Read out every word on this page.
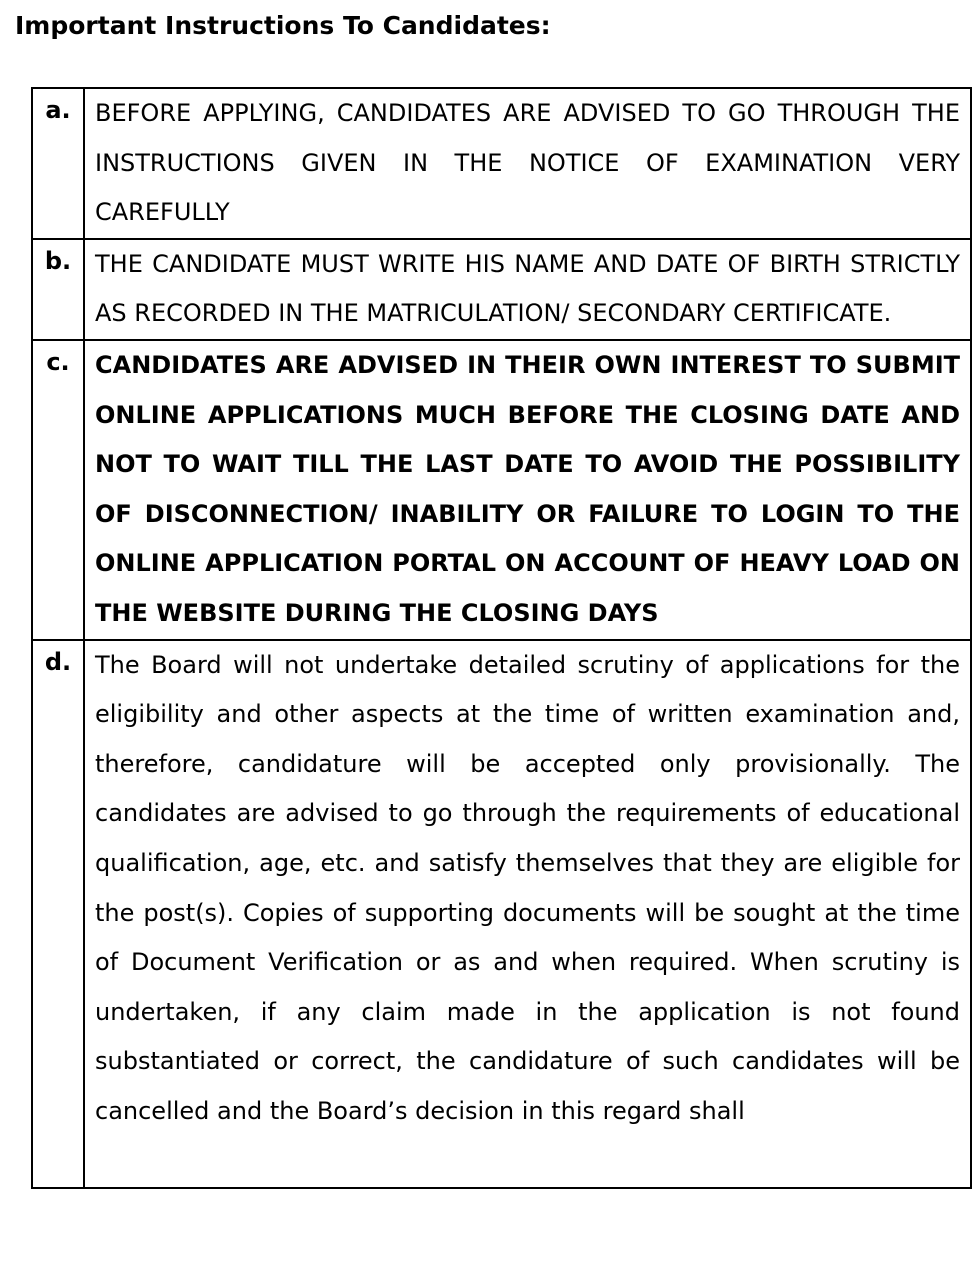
Important Instructions To Candidates:
a.	BEFORE APPLYING, CANDIDATES ARE ADVISED TO GO THROUGH THE INSTRUCTIONS GIVEN IN THE NOTICE OF EXAMINATION VERY CAREFULLY
b.	THE CANDIDATE MUST WRITE HIS NAME AND DATE OF BIRTH STRICTLY AS RECORDED IN THE MATRICULATION/ SECONDARY CERTIFICATE.
c.	CANDIDATES ARE ADVISED IN THEIR OWN INTEREST TO SUBMIT ONLINE APPLICATIONS MUCH BEFORE THE CLOSING DATE AND NOT TO WAIT TILL THE LAST DATE TO AVOID THE POSSIBILITY OF DISCONNECTION/ INABILITY OR FAILURE TO LOGIN TO THE ONLINE APPLICATION PORTAL ON ACCOUNT OF HEAVY LOAD ON THE WEBSITE DURING THE CLOSING DAYS
d.	The Board will not undertake detailed scrutiny of applications for the eligibility and other aspects at the time of written examination and, therefore, candidature will be accepted only provisionally. The candidates are advised to go through the requirements of educational qualification, age, etc. and satisfy themselves that they are eligible for the post(s). Copies of supporting documents will be sought at the time of Document Verification or as and when required. When scrutiny is undertaken, if any claim made in the application is not found substantiated or correct, the candidature of such candidates will be cancelled and the Board’s decision in this regard shall
